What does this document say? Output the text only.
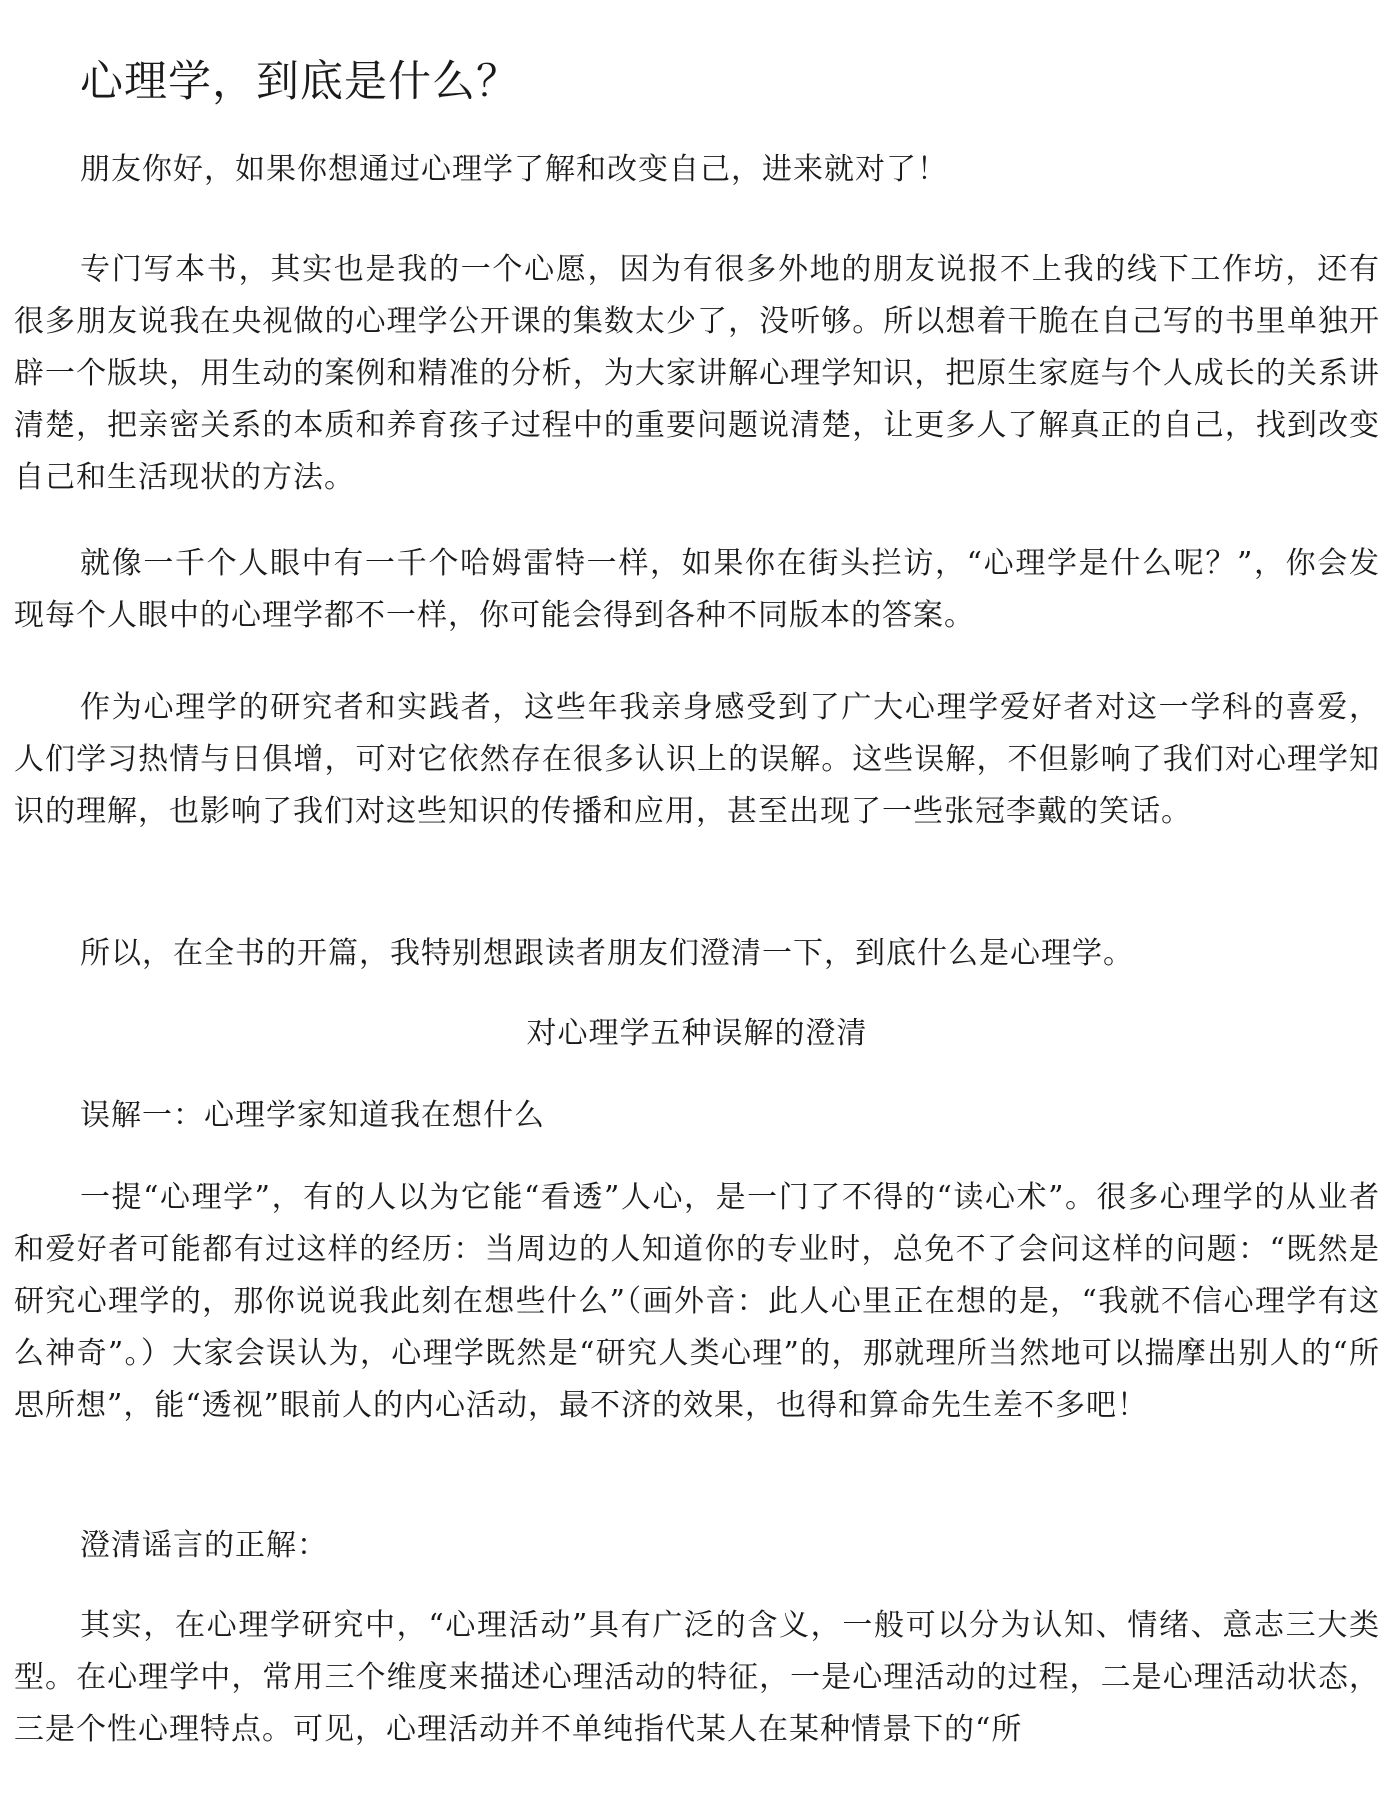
心理学，到底是什么？

朋友你好，如果你想通过心理学了解和改变自己，进来就对了！

专门写本书，其实也是我的一个心愿，因为有很多外地的朋友说报不上我的线下工作坊，还有很多朋友说我在央视做的心理学公开课的集数太少了，没听够。所以想着干脆在自己写的书里单独开辟一个版块，用生动的案例和精准的分析，为大家讲解心理学知识，把原生家庭与个人成长的关系讲清楚，把亲密关系的本质和养育孩子过程中的重要问题说清楚，让更多人了解真正的自己，找到改变自己和生活现状的方法。

就像一千个人眼中有一千个哈姆雷特一样，如果你在街头拦访，“心理学是什么呢？”，你会发现每个人眼中的心理学都不一样，你可能会得到各种不同版本的答案。

作为心理学的研究者和实践者，这些年我亲身感受到了广大心理学爱好者对这一学科的喜爱，人们学习热情与日俱增，可对它依然存在很多认识上的误解。这些误解，不但影响了我们对心理学知识的理解，也影响了我们对这些知识的传播和应用，甚至出现了一些张冠李戴的笑话。

所以，在全书的开篇，我特别想跟读者朋友们澄清一下，到底什么是心理学。

对心理学五种误解的澄清
误解一：心理学家知道我在想什么

一提“心理学”，有的人以为它能“看透”人心，是一门了不得的“读心术”。很多心理学的从业者和爱好者可能都有过这样的经历：当周边的人知道你的专业时，总免不了会问这样的问题：“既然是研究心理学的，那你说说我此刻在想些什么”（画外音：此人心里正在想的是，“我就不信心理学有这么神奇”。）大家会误认为，心理学既然是“研究人类心理”的，那就理所当然地可以揣摩出别人的“所思所想”，能“透视”眼前人的内心活动，最不济的效果，也得和算命先生差不多吧！

澄清谣言的正解：

其实，在心理学研究中，“心理活动”具有广泛的含义，一般可以分为认知、情绪、意志三大类型。在心理学中，常用三个维度来描述心理活动的特征，一是心理活动的过程，二是心理活动状态，三是个性心理特点。可见，心理活动并不单纯指代某人在某种情景下的“所
